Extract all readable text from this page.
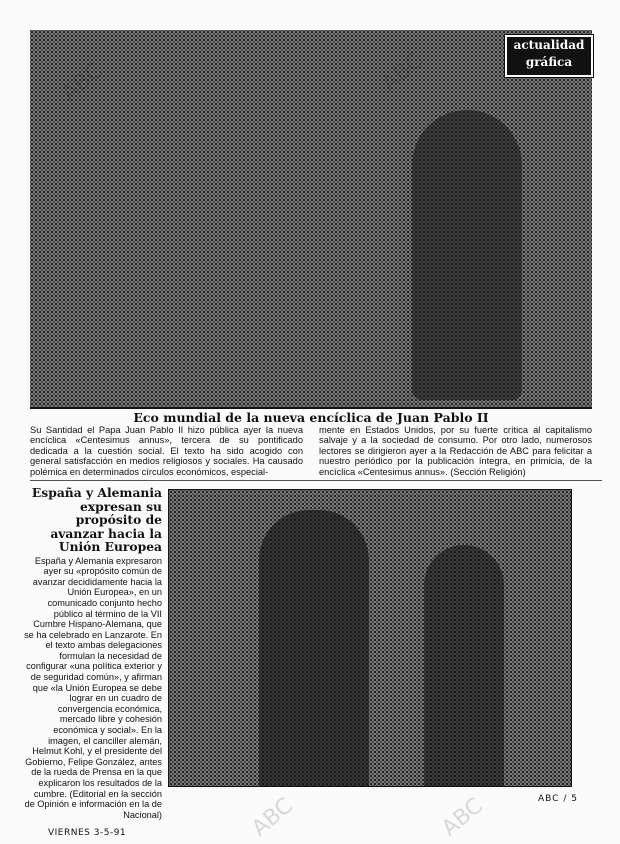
actualidad
gráfica
Eco mundial de la nueva encíclica de Juan Pablo II

Su Santidad el Papa Juan Pablo II hizo pública ayer la nueva encíclica «Centesimus annus», tercera de su pontificado dedicada a la cuestión social. El texto ha sido acogido con general satisfacción en medios religiosos y sociales. Ha causado polémica en determinados círculos económicos, especial-

mente en Estados Unidos, por su fuerte crítica al capitalismo salvaje y a la sociedad de consumo. Por otro lado, numerosos lectores se dirigieron ayer a la Redacción de ABC para felicitar a nuestro periódico por la publicación íntegra, en primicia, de la encíclica «Centesimus annus». (Sección Religión)

España y Alemania expresan su propósito de avanzar hacia la Unión Europea
España y Alemania expresaron ayer su «propósito común de avanzar decididamente hacia la Unión Europea», en un comunicado conjunto hecho público al término de la VII Cumbre Hispano-Alemana, que se ha celebrado en Lanzarote. En el texto ambas delegaciones formulan la necesidad de configurar «una política exterior y de seguridad común», y afirman que «la Unión Europea se debe lograr en un cuadro de convergencia económica, mercado libre y cohesión económica y social». En la imagen, el canciller alemán, Helmut Kohl, y el presidente del Gobierno, Felipe González, antes de la rueda de Prensa en la que explicaron los resultados de la cumbre. (Editorial en la sección de Opinión e información en la de Nacional)
VIERNES 3-5-91
ABC / 5
ABC	ABC
ABC	ABC
